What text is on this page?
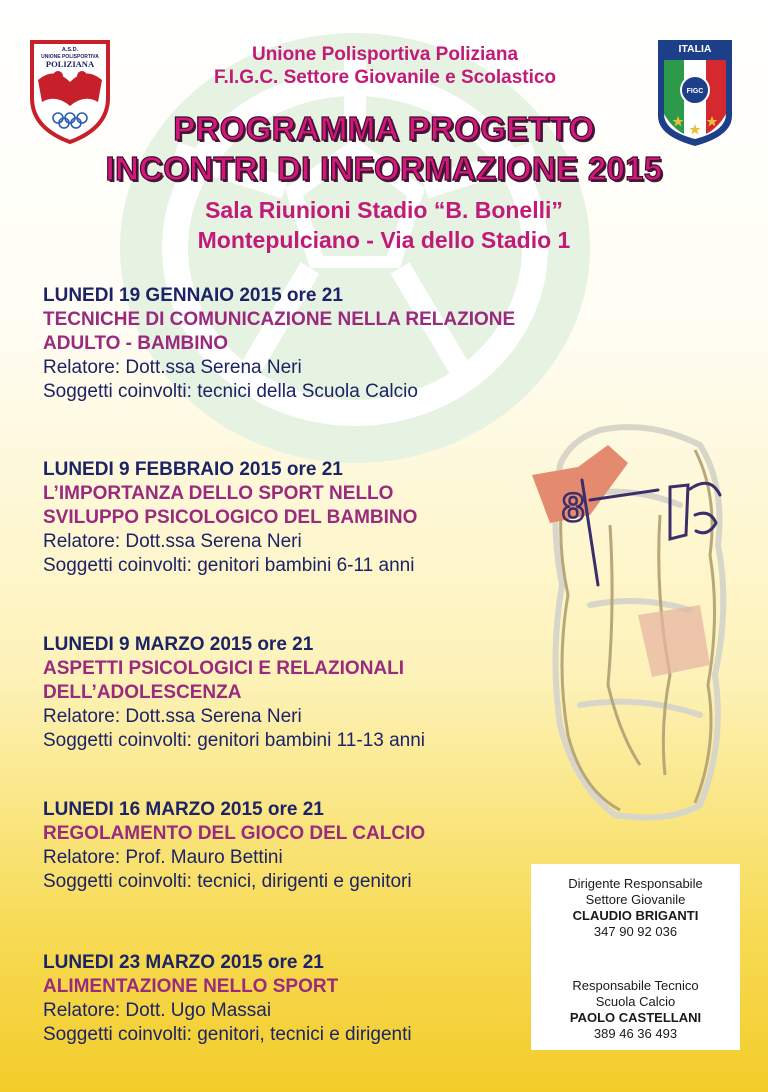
A.S.D.
UNIONE POLISPORTIVA
POLIZIANA
ITALIA
FIGC
8
Unione Polisportiva Poliziana
F.I.G.C. Settore Giovanile e Scolastico
PROGRAMMA PROGETTO
INCONTRI DI INFORMAZIONE 2015
Sala Riunioni Stadio “B. Bonelli”
Montepulciano - Via dello Stadio 1
LUNEDI 19 GENNAIO 2015 ore 21
TECNICHE DI COMUNICAZIONE NELLA RELAZIONE
ADULTO - BAMBINO
Relatore: Dott.ssa Serena Neri
Soggetti coinvolti: tecnici della Scuola Calcio
LUNEDI 9 FEBBRAIO 2015 ore 21
L’IMPORTANZA DELLO SPORT NELLO
SVILUPPO PSICOLOGICO DEL BAMBINO
Relatore: Dott.ssa Serena Neri
Soggetti coinvolti: genitori bambini 6-11 anni
LUNEDI 9 MARZO 2015 ore 21
ASPETTI PSICOLOGICI E RELAZIONALI
DELL’ADOLESCENZA
Relatore: Dott.ssa Serena Neri
Soggetti coinvolti: genitori bambini 11-13 anni
LUNEDI 16 MARZO 2015 ore 21
REGOLAMENTO DEL GIOCO DEL CALCIO
Relatore: Prof. Mauro Bettini
Soggetti coinvolti: tecnici, dirigenti e genitori
LUNEDI 23 MARZO 2015 ore 21
ALIMENTAZIONE NELLO SPORT
Relatore: Dott. Ugo Massai
Soggetti coinvolti: genitori, tecnici e dirigenti
Dirigente Responsabile
Settore Giovanile
CLAUDIO BRIGANTI
347 90 92 036
Responsabile Tecnico
Scuola Calcio
PAOLO CASTELLANI
389 46 36 493
